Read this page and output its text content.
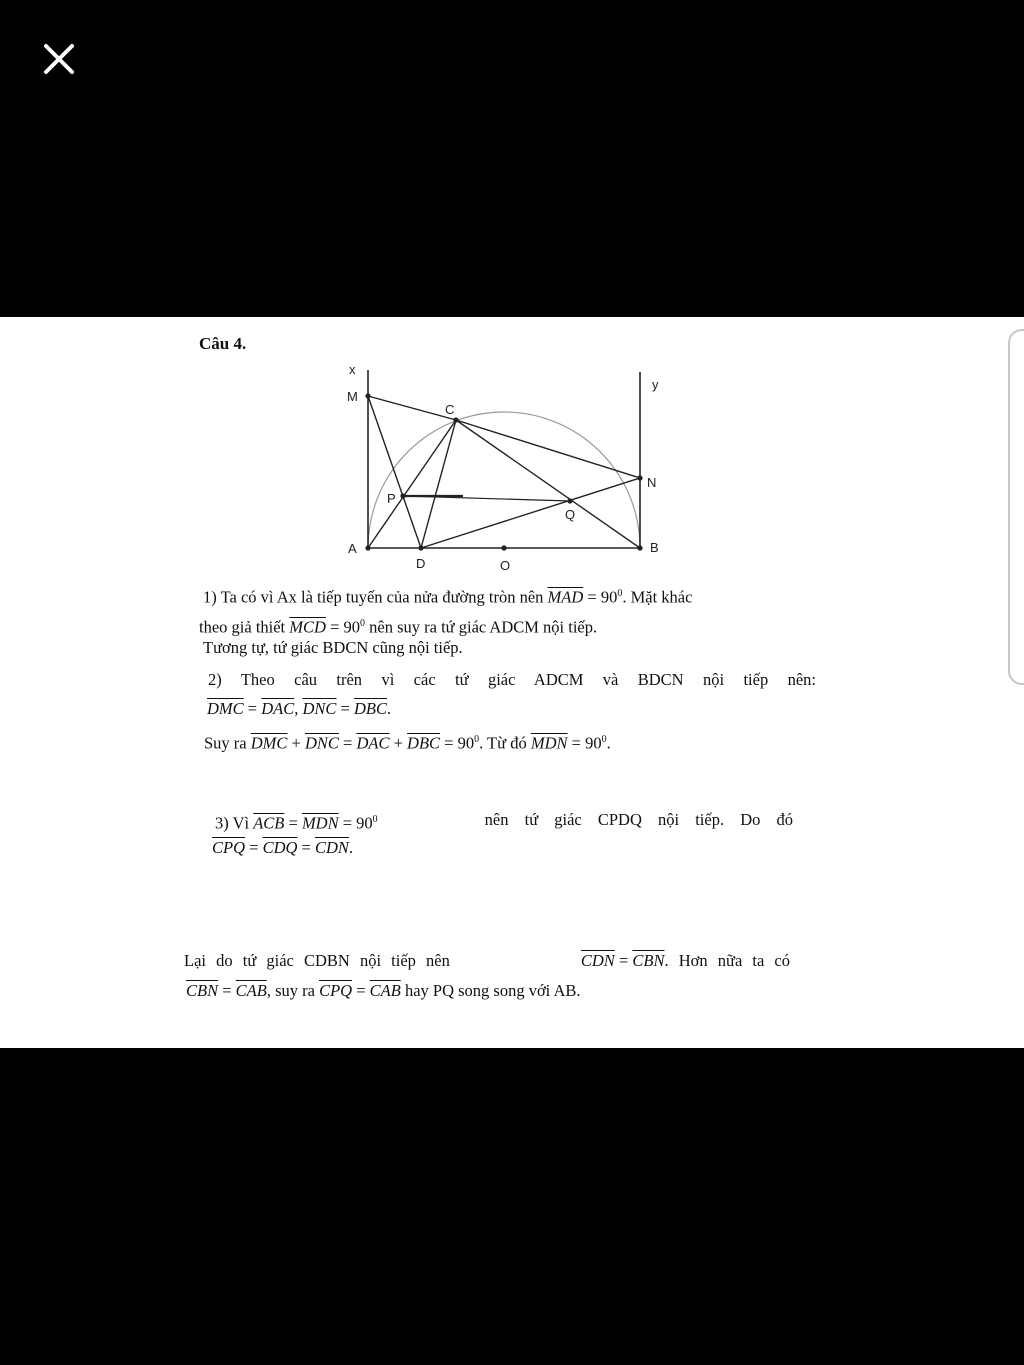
Câu 4.
x
y
M
C
N
P
Q
A
D	O
B
1) Ta có vì Ax là tiếp tuyến của nửa đường tròn nên $\overline{MAD} = 90^0$. Mặt khác
theo giả thiết $\overline{MCD} = 90^0$ nên suy ra tứ giác ADCM nội tiếp.
Tương tự, tứ giác BDCN cũng nội tiếp.
2) Theo câu trên vì các tứ giác ADCM và BDCN nội tiếp nên:
$\overline{DMC} = \overline{DAC}$, $\overline{DNC} = \overline{DBC}$.
Suy ra $\overline{DMC} + \overline{DNC} = \overline{DAC} + \overline{DBC} = 90^0$. Từ đó $\overline{MDN} = 90^0$.
3) Vì $\overline{ACB} = \overline{MDN} = 90^0$	nên tứ giác CPDQ nội tiếp. Do đó
$\overline{CPQ} = \overline{CDQ} = \overline{CDN}$.
Lại do tứ giác CDBN nội tiếp nên	$\overline{CDN} = \overline{CBN}$. Hơn nữa ta có
$\overline{CBN} = \overline{CAB}$, suy ra $\overline{CPQ} = \overline{CAB}$ hay PQ song song với AB.
